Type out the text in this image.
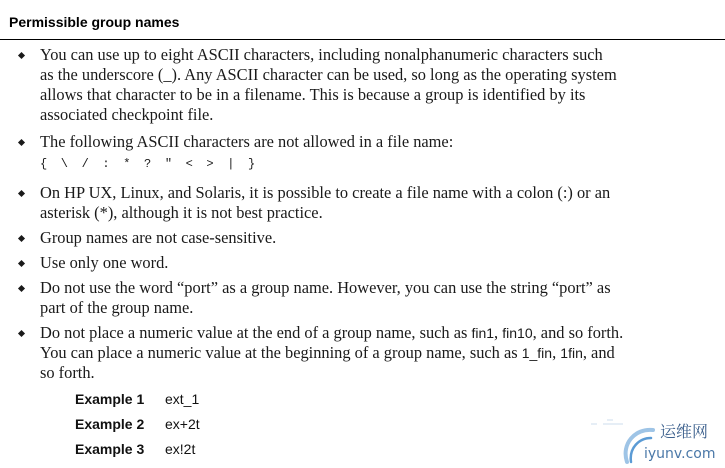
Permissible group names
You can use up to eight ASCII characters, including nonalphanumeric characters such
as the underscore (_). Any ASCII character can be used, so long as the operating system
allows that character to be in a filename. This is because a group is identified by its
associated checkpoint file.
The following ASCII characters are not allowed in a file name:
{ \ / : * ? " < > | }
On HP UX, Linux, and Solaris, it is possible to create a file name with a colon (:) or an
asterisk (*), although it is not best practice.
Group names are not case-sensitive.
Use only one word.
Do not use the word “port” as a group name. However, you can use the string “port” as
part of the group name.
Do not place a numeric value at the end of a group name, such as fin1, fin10, and so forth.
You can place a numeric value at the beginning of a group name, such as 1_fin, 1fin, and
so forth.
Example 1 ext_1
Example 2 ex+2t
Example 3 ex!2t
运维网
iyunv.com
